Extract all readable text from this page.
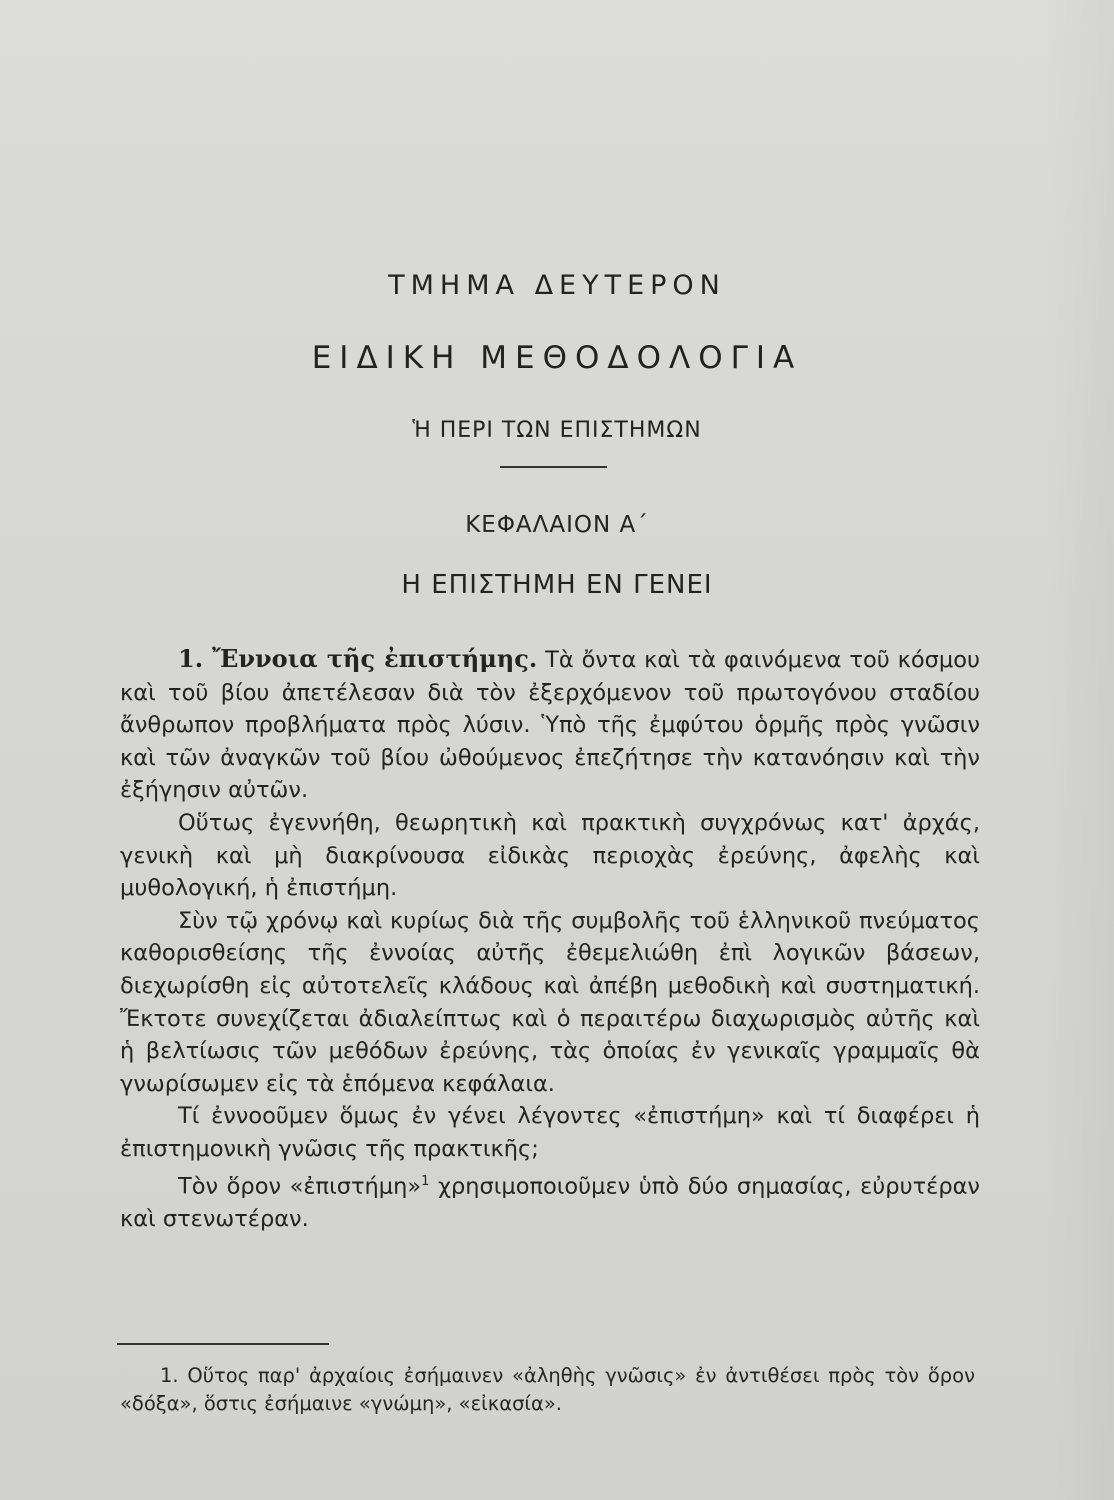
ΤΜΗΜΑ ΔΕΥΤΕΡΟΝ
ΕΙΔΙΚΗ ΜΕΘΟΔΟΛΟΓΙΑ
Ἡ ΠΕΡΙ ΤΩΝ ΕΠΙΣΤΗΜΩΝ
ΚΕΦΑΛΑΙΟΝ Α΄
Η ΕΠΙΣΤΗΜΗ ΕΝ ΓΕΝΕΙ

1. Ἔννοια τῆς ἐπιστήμης. Τὰ ὄντα καὶ τὰ φαινόμενα τοῦ κόσμου καὶ τοῦ βίου ἀπετέλεσαν διὰ τὸν ἐξερχόμενον τοῦ πρωτογόνου σταδίου ἄνθρωπον προβλήματα πρὸς λύσιν. Ὑπὸ τῆς ἐμφύτου ὁρμῆς πρὸς γνῶσιν καὶ τῶν ἀναγκῶν τοῦ βίου ὠθούμενος ἐπεζήτησε τὴν κατανόησιν καὶ τὴν ἐξήγησιν αὐτῶν.

Οὕτως ἐγεννήθη, θεωρητικὴ καὶ πρακτικὴ συγχρόνως κατ' ἀρχάς, γενικὴ καὶ μὴ διακρίνουσα εἰδικὰς περιοχὰς ἐρεύνης, ἀφελὴς καὶ μυθολογική, ἡ ἐπιστήμη.

Σὺν τῷ χρόνῳ καὶ κυρίως διὰ τῆς συμβολῆς τοῦ ἑλληνικοῦ πνεύματος καθορισθείσης τῆς ἐννοίας αὐτῆς ἐθεμελιώθη ἐπὶ λογικῶν βάσεων, διεχωρίσθη εἰς αὐτοτελεῖς κλάδους καὶ ἀπέβη μεθοδικὴ καὶ συστηματική. Ἔκτοτε συνεχίζεται ἀδιαλείπτως καὶ ὁ περαιτέρω διαχωρισμὸς αὐτῆς καὶ ἡ βελτίωσις τῶν μεθόδων ἐρεύνης, τὰς ὁποίας ἐν γενικαῖς γραμμαῖς θὰ γνωρίσωμεν εἰς τὰ ἑπόμενα κεφάλαια.

Τί ἐννοοῦμεν ὅμως ἐν γένει λέγοντες «ἐπιστήμη» καὶ τί διαφέρει ἡ ἐπιστημονικὴ γνῶσις τῆς πρακτικῆς;

Τὸν ὅρον «ἐπιστήμη»$^1$ χρησιμοποιοῦμεν ὑπὸ δύο σημασίας, εὐρυτέραν καὶ στενωτέραν.

1. Οὕτος παρ' ἀρχαίοις ἐσήμαινεν «ἀληθὴς γνῶσις» ἐν ἀντιθέσει πρὸς τὸν ὅρον «δόξα», ὅστις ἐσήμαινε «γνώμη», «εἰκασία».
